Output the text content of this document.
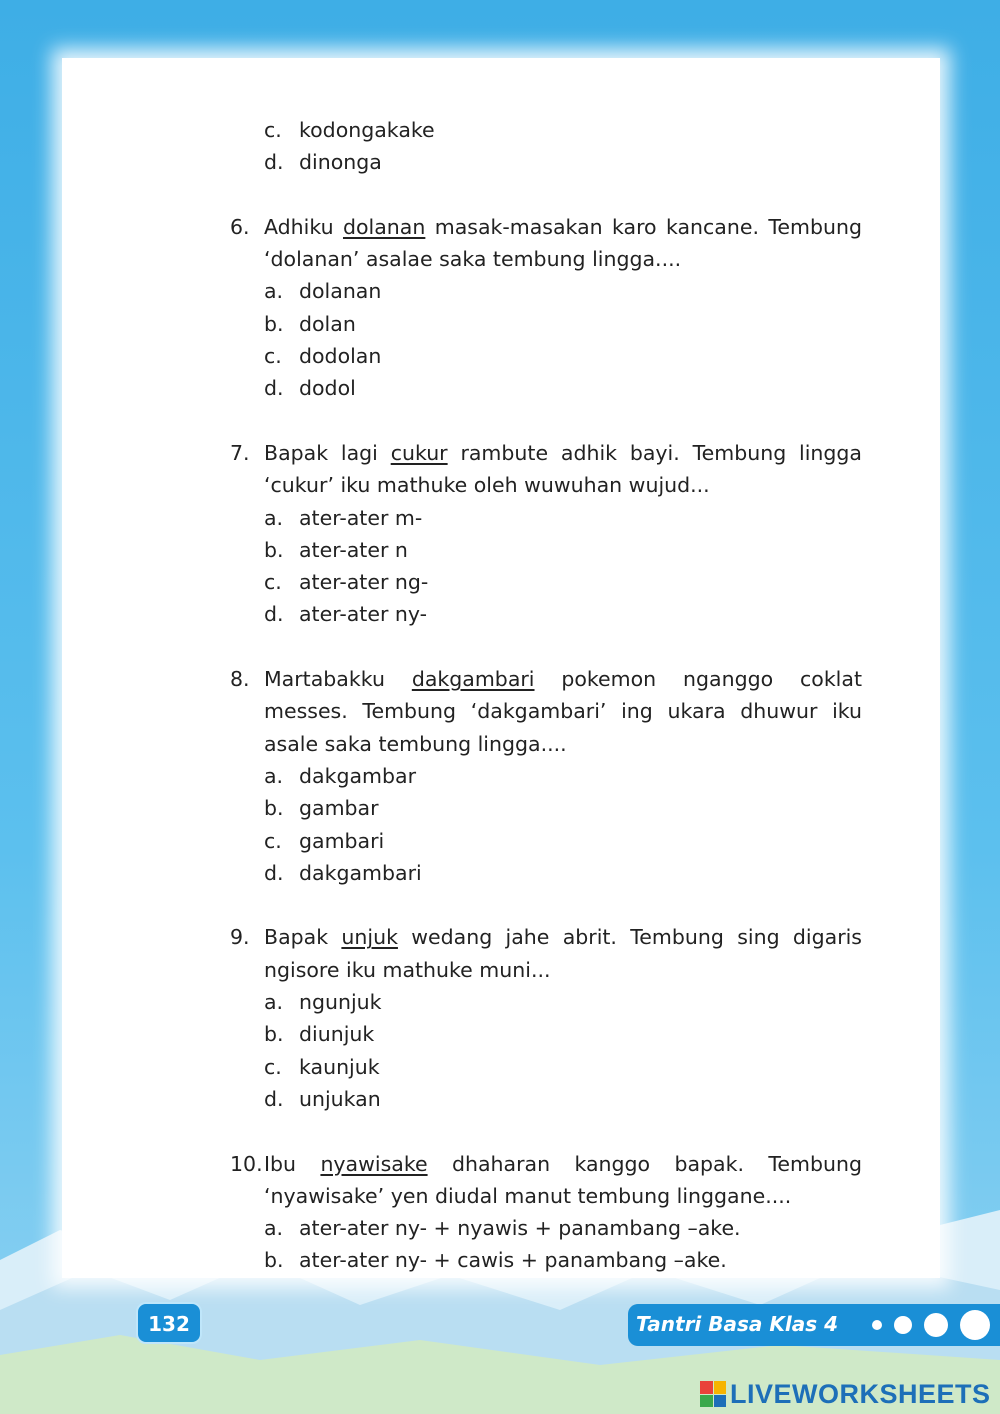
c. kodongakake
d. dinonga
6. Adhiku dolanan masak-masakan karo kancane. Tembung
‘dolanan’ asalae saka tembung lingga....
a. dolanan
b. dolan
c. dodolan
d. dodol
7. Bapak lagi cukur rambute adhik bayi. Tembung lingga
‘cukur’ iku mathuke oleh wuwuhan wujud...
a. ater-ater m-
b. ater-ater n
c. ater-ater ng-
d. ater-ater ny-
8. Martabakku dakgambari pokemon nganggo coklat
messes. Tembung ‘dakgambari’ ing ukara dhuwur iku
asale saka tembung lingga....
a. dakgambar
b. gambar
c. gambari
d. dakgambari
9. Bapak unjuk wedang jahe abrit. Tembung sing digaris
ngisore iku mathuke muni...
a. ngunjuk
b. diunjuk
c. kaunjuk
d. unjukan
10. Ibu nyawisake dhaharan kanggo bapak. Tembung
‘nyawisake’ yen diudal manut tembung linggane....
a. ater-ater ny- + nyawis + panambang –ake.
b. ater-ater ny- + cawis + panambang –ake.
132	Tantri Basa Klas 4
LIVEWORKSHEETS
